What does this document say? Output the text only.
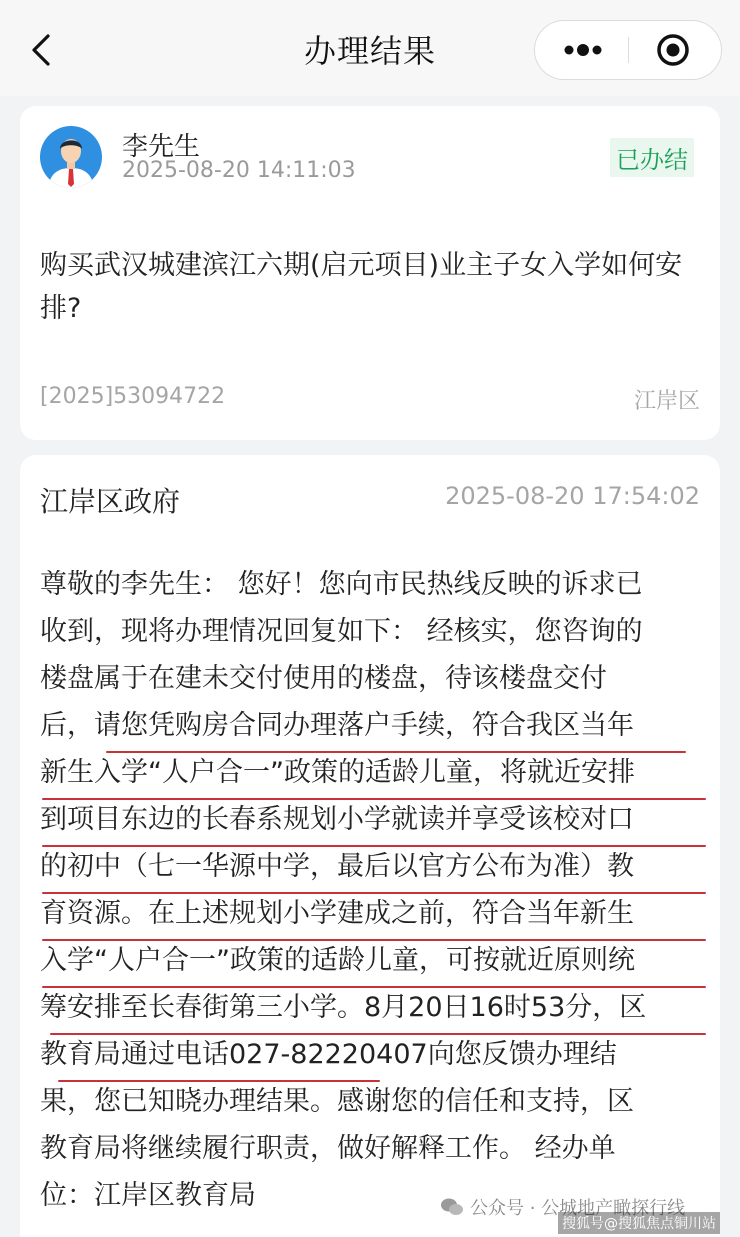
办理结果
李先生
2025-08-20 14:11:03	已办结
购买武汉城建滨江六期(启元项目)业主子女入学如何安排?
[2025]53094722	江岸区
江岸区政府	2025-08-20 17:54:02
尊敬的李先生： 您好！您向市民热线反映的诉求已
收到，现将办理情况回复如下： 经核实，您咨询的
楼盘属于在建未交付使用的楼盘，待该楼盘交付
后，请您凭购房合同办理落户手续，符合我区当年
新生入学“人户合一”政策的适龄儿童，将就近安排
到项目东边的长春系规划小学就读并享受该校对口
的初中（七一华源中学，最后以官方公布为准）教
育资源。在上述规划小学建成之前，符合当年新生
入学“人户合一”政策的适龄儿童，可按就近原则统
筹安排至长春街第三小学。8月20日16时53分，区
教育局通过电话027-82220407向您反馈办理结
果，您已知晓办理结果。感谢您的信任和支持，区
教育局将继续履行职责，做好解释工作。 经办单
位：江岸区教育局	公众号 · 公城地产瞰探行线
搜狐号@搜狐焦点铜川站
